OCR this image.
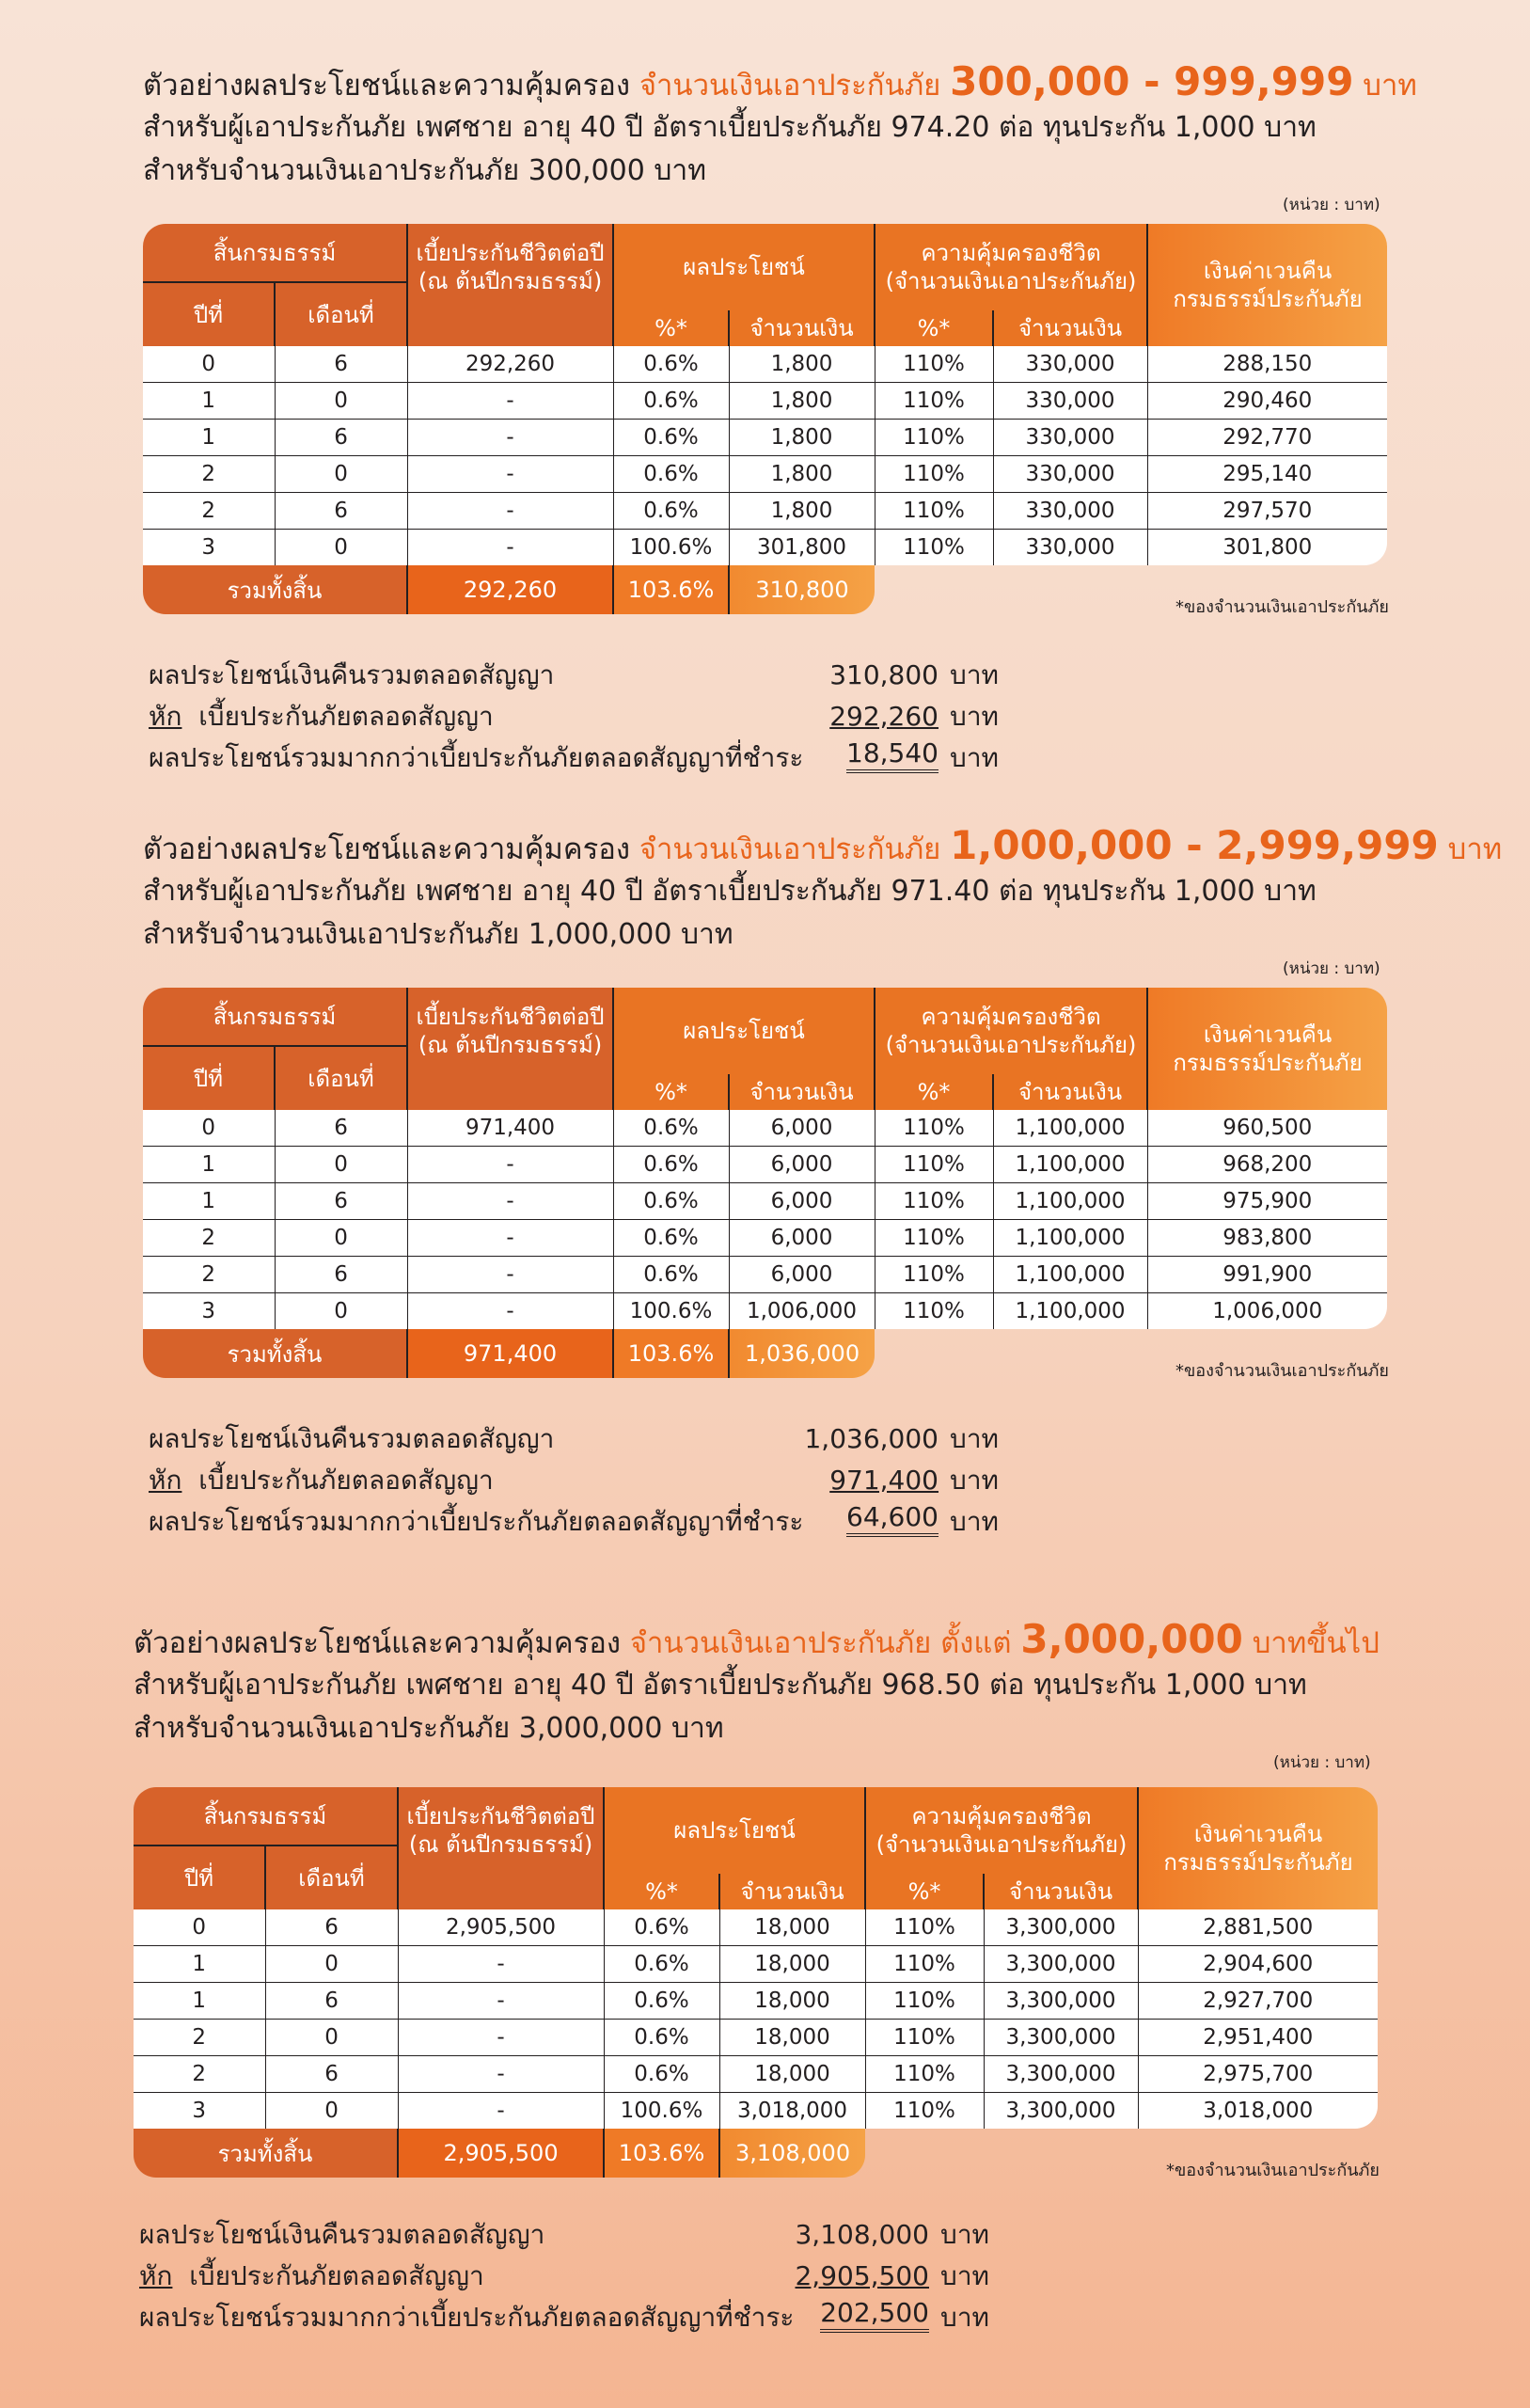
ตัวอย่างผลประโยชน์และความคุ้มครอง จำนวนเงินเอาประกันภัย 300,000 - 999,999 บาท
สำหรับผู้เอาประกันภัย เพศชาย อายุ 40 ปี อัตราเบี้ยประกันภัย 974.20 ต่อ ทุนประกัน 1,000 บาท
สำหรับจำนวนเงินเอาประกันภัย 300,000 บาท
(หน่วย : บาท)
สิ้นกรมธรรม์		เบี้ยประกันชีวิตต่อปี
(ณ ต้นปีกรมธรรม์)	ผลประโยชน์		ความคุ้มครองชีวิต
(จำนวนเงินเอาประกันภัย)		เงินค่าเวนคืน
กรมธรรม์ประกันภัย
ปีที่	เดือนที่						
			%*	จำนวนเงิน	%*	จำนวนเงิน	
0	6	292,260	0.6%	1,800	110%	330,000	288,150
1	0	-	0.6%	1,800	110%	330,000	290,460
1	6	-	0.6%	1,800	110%	330,000	292,770
2	0	-	0.6%	1,800	110%	330,000	295,140
2	6	-	0.6%	1,800	110%	330,000	297,570
3	0	-	100.6%	301,800	110%	330,000	301,800
รวมทั้งสิ้น		292,260	103.6%	310,800			
*ของจำนวนเงินเอาประกันภัย
ผลประโยชน์เงินคืนรวมตลอดสัญญา	310,800 บาท
หัก เบี้ยประกันภัยตลอดสัญญา	292,260 บาท
ผลประโยชน์รวมมากกว่าเบี้ยประกันภัยตลอดสัญญาที่ชำระ 18,540 บาท
ตัวอย่างผลประโยชน์และความคุ้มครอง จำนวนเงินเอาประกันภัย 1,000,000 - 2,999,999 บาท
สำหรับผู้เอาประกันภัย เพศชาย อายุ 40 ปี อัตราเบี้ยประกันภัย 971.40 ต่อ ทุนประกัน 1,000 บาท
สำหรับจำนวนเงินเอาประกันภัย 1,000,000 บาท
(หน่วย : บาท)
สิ้นกรมธรรม์		เบี้ยประกันชีวิตต่อปี
(ณ ต้นปีกรมธรรม์)	ผลประโยชน์		ความคุ้มครองชีวิต
(จำนวนเงินเอาประกันภัย)		เงินค่าเวนคืน
กรมธรรม์ประกันภัย
ปีที่	เดือนที่						
			%*	จำนวนเงิน	%*	จำนวนเงิน	
0	6	971,400	0.6%	6,000	110%	1,100,000	960,500
1	0	-	0.6%	6,000	110%	1,100,000	968,200
1	6	-	0.6%	6,000	110%	1,100,000	975,900
2	0	-	0.6%	6,000	110%	1,100,000	983,800
2	6	-	0.6%	6,000	110%	1,100,000	991,900
3	0	-	100.6%	1,006,000	110%	1,100,000	1,006,000
รวมทั้งสิ้น		971,400	103.6%	1,036,000			
*ของจำนวนเงินเอาประกันภัย
ผลประโยชน์เงินคืนรวมตลอดสัญญา	1,036,000 บาท
หัก เบี้ยประกันภัยตลอดสัญญา	971,400 บาท
ผลประโยชน์รวมมากกว่าเบี้ยประกันภัยตลอดสัญญาที่ชำระ 64,600 บาท
ตัวอย่างผลประโยชน์และความคุ้มครอง จำนวนเงินเอาประกันภัย ตั้งแต่ 3,000,000 บาทขึ้นไป
สำหรับผู้เอาประกันภัย เพศชาย อายุ 40 ปี อัตราเบี้ยประกันภัย 968.50 ต่อ ทุนประกัน 1,000 บาท
สำหรับจำนวนเงินเอาประกันภัย 3,000,000 บาท
(หน่วย : บาท)
สิ้นกรมธรรม์		เบี้ยประกันชีวิตต่อปี
(ณ ต้นปีกรมธรรม์)	ผลประโยชน์		ความคุ้มครองชีวิต
(จำนวนเงินเอาประกันภัย)		เงินค่าเวนคืน
กรมธรรม์ประกันภัย
ปีที่	เดือนที่						
			%*	จำนวนเงิน	%*	จำนวนเงิน	
0	6	2,905,500	0.6%	18,000	110%	3,300,000	2,881,500
1	0	-	0.6%	18,000	110%	3,300,000	2,904,600
1	6	-	0.6%	18,000	110%	3,300,000	2,927,700
2	0	-	0.6%	18,000	110%	3,300,000	2,951,400
2	6	-	0.6%	18,000	110%	3,300,000	2,975,700
3	0	-	100.6%	3,018,000	110%	3,300,000	3,018,000
รวมทั้งสิ้น		2,905,500	103.6%	3,108,000			
*ของจำนวนเงินเอาประกันภัย
ผลประโยชน์เงินคืนรวมตลอดสัญญา	3,108,000 บาท
หัก เบี้ยประกันภัยตลอดสัญญา	2,905,500 บาท
ผลประโยชน์รวมมากกว่าเบี้ยประกันภัยตลอดสัญญาที่ชำระ 202,500 บาท
